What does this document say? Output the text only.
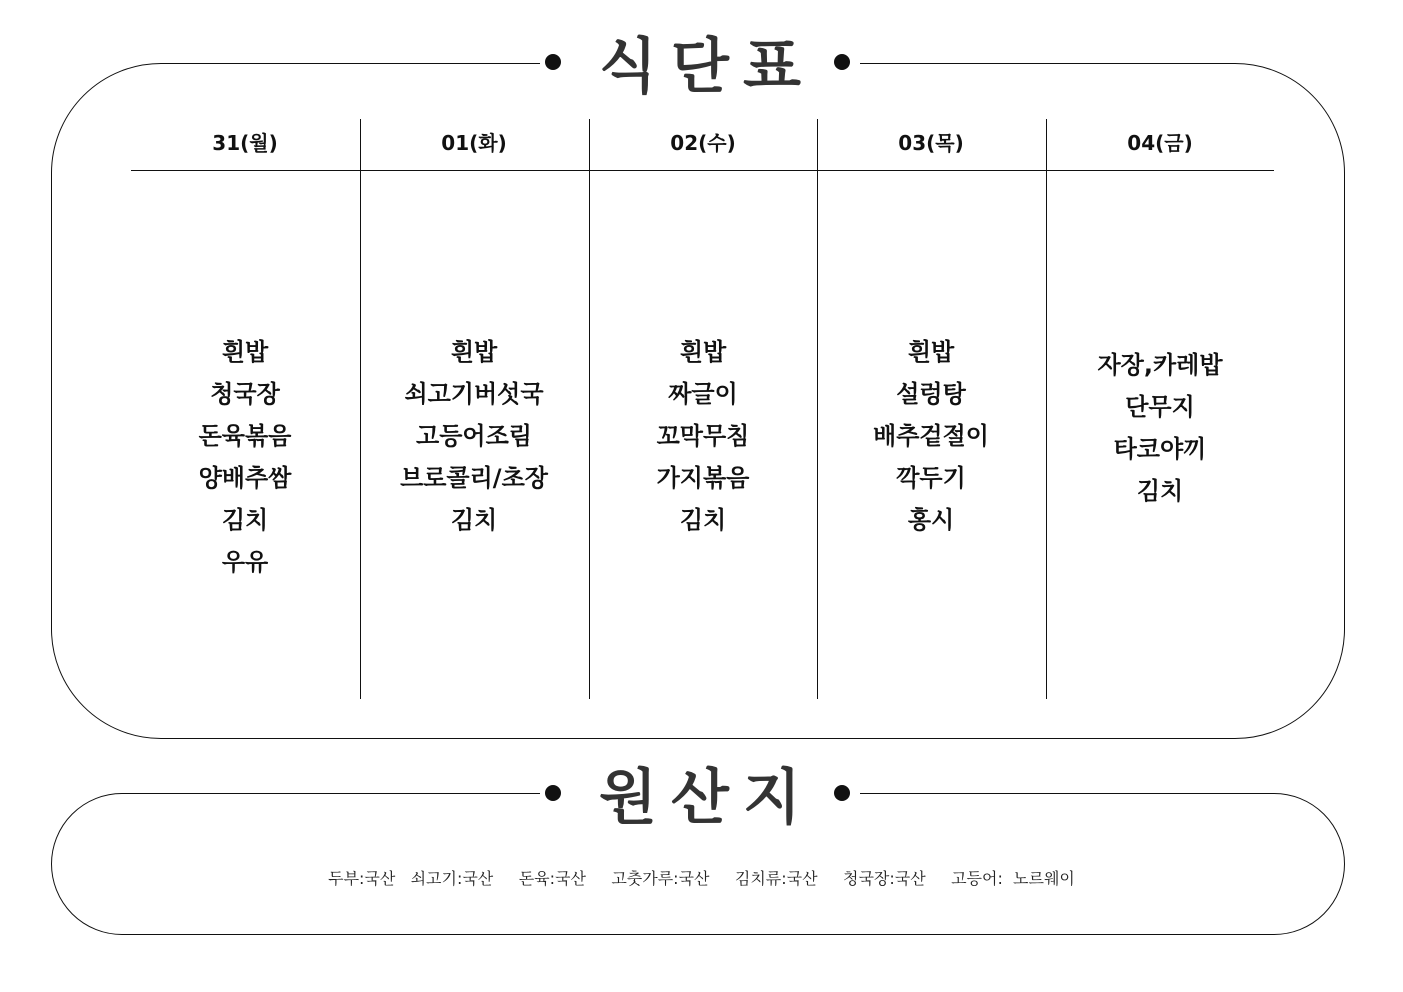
식단표
31(월)
흰밥
청국장
돈육볶음
양배추쌈
김치
우유
01(화)
흰밥
쇠고기버섯국
고등어조림
브로콜리/초장
김치
02(수)
흰밥
짜글이
꼬막무침
가지볶음
김치
03(목)
흰밥
설렁탕
배추겉절이
깍두기
홍시
04(금)
자장,카레밥
단무지
타코야끼
김치
원산지
두부:국산   쇠고기:국산     돈육:국산     고춧가루:국산     김치류:국산     청국장:국산     고등어:  노르웨이
